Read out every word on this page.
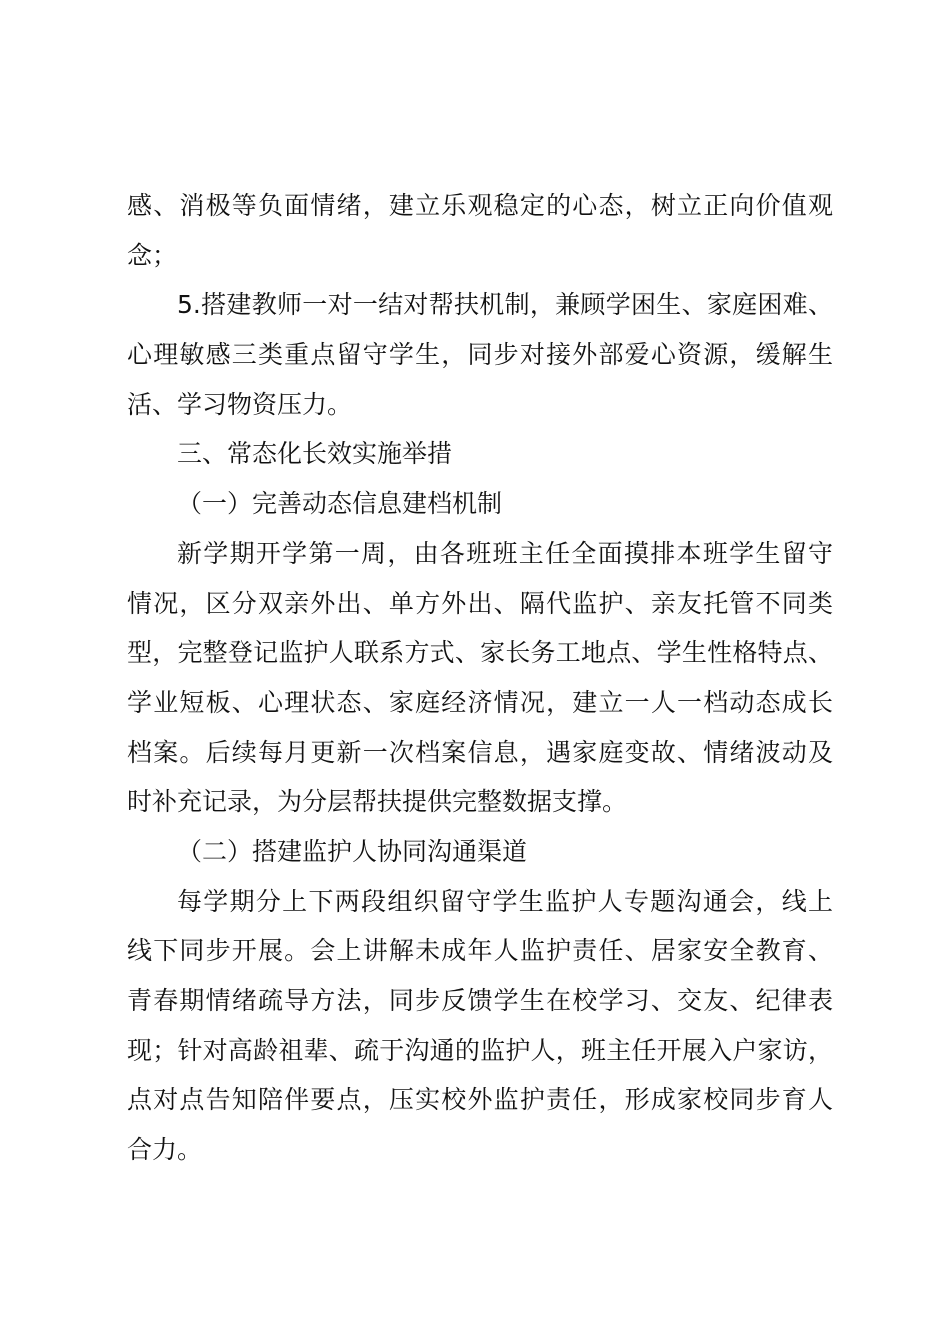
感、消极等负面情绪，建立乐观稳定的心态，树立正向价值观
念；
5.搭建教师一对一结对帮扶机制，兼顾学困生、家庭困难、
心理敏感三类重点留守学生，同步对接外部爱心资源，缓解生
活、学习物资压力。
三、常态化长效实施举措
（一）完善动态信息建档机制
新学期开学第一周，由各班班主任全面摸排本班学生留守
情况，区分双亲外出、单方外出、隔代监护、亲友托管不同类
型，完整登记监护人联系方式、家长务工地点、学生性格特点、
学业短板、心理状态、家庭经济情况，建立一人一档动态成长
档案。后续每月更新一次档案信息，遇家庭变故、情绪波动及
时补充记录，为分层帮扶提供完整数据支撑。
（二）搭建监护人协同沟通渠道
每学期分上下两段组织留守学生监护人专题沟通会，线上
线下同步开展。会上讲解未成年人监护责任、居家安全教育、
青春期情绪疏导方法，同步反馈学生在校学习、交友、纪律表
现；针对高龄祖辈、疏于沟通的监护人，班主任开展入户家访，
点对点告知陪伴要点，压实校外监护责任，形成家校同步育人
合力。
